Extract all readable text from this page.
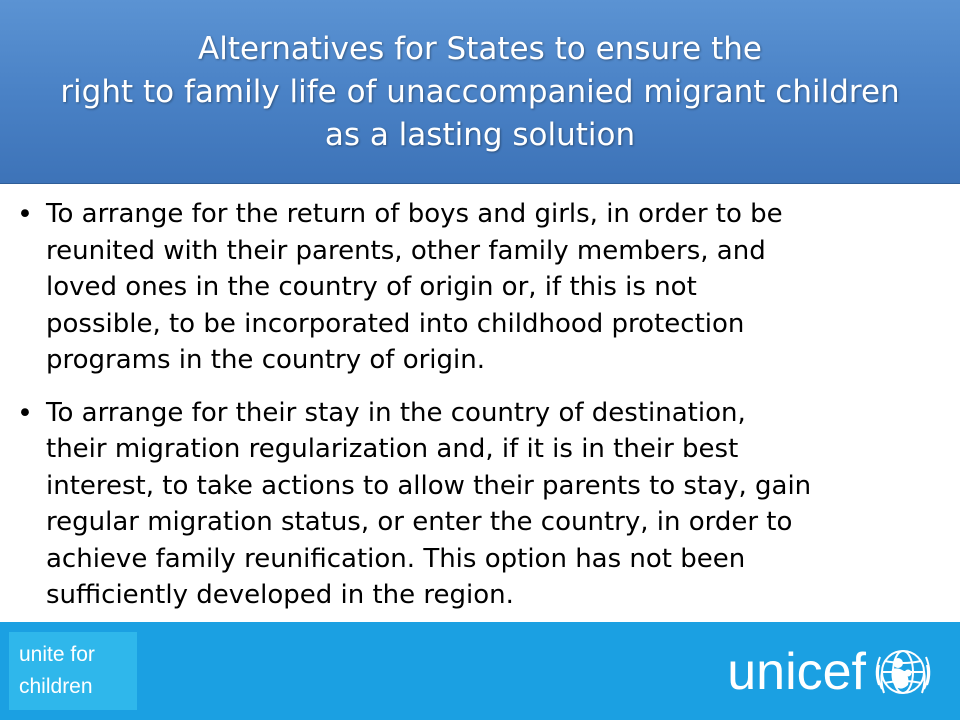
Alternatives for States to ensure the
right to family life of unaccompanied migrant children
as a lasting solution
• To arrange for the return of boys and girls, in order to be
reunited with their parents, other family members, and
loved ones in the country of origin or, if this is not
possible, to be incorporated into childhood protection
programs in the country of origin.
• To arrange for their stay in the country of destination,
their migration regularization and, if it is in their best
interest, to take actions to allow their parents to stay, gain
regular migration status, or enter the country, in order to
achieve family reunification. This option has not been
sufficiently developed in the region.
unite for
children	unicef
